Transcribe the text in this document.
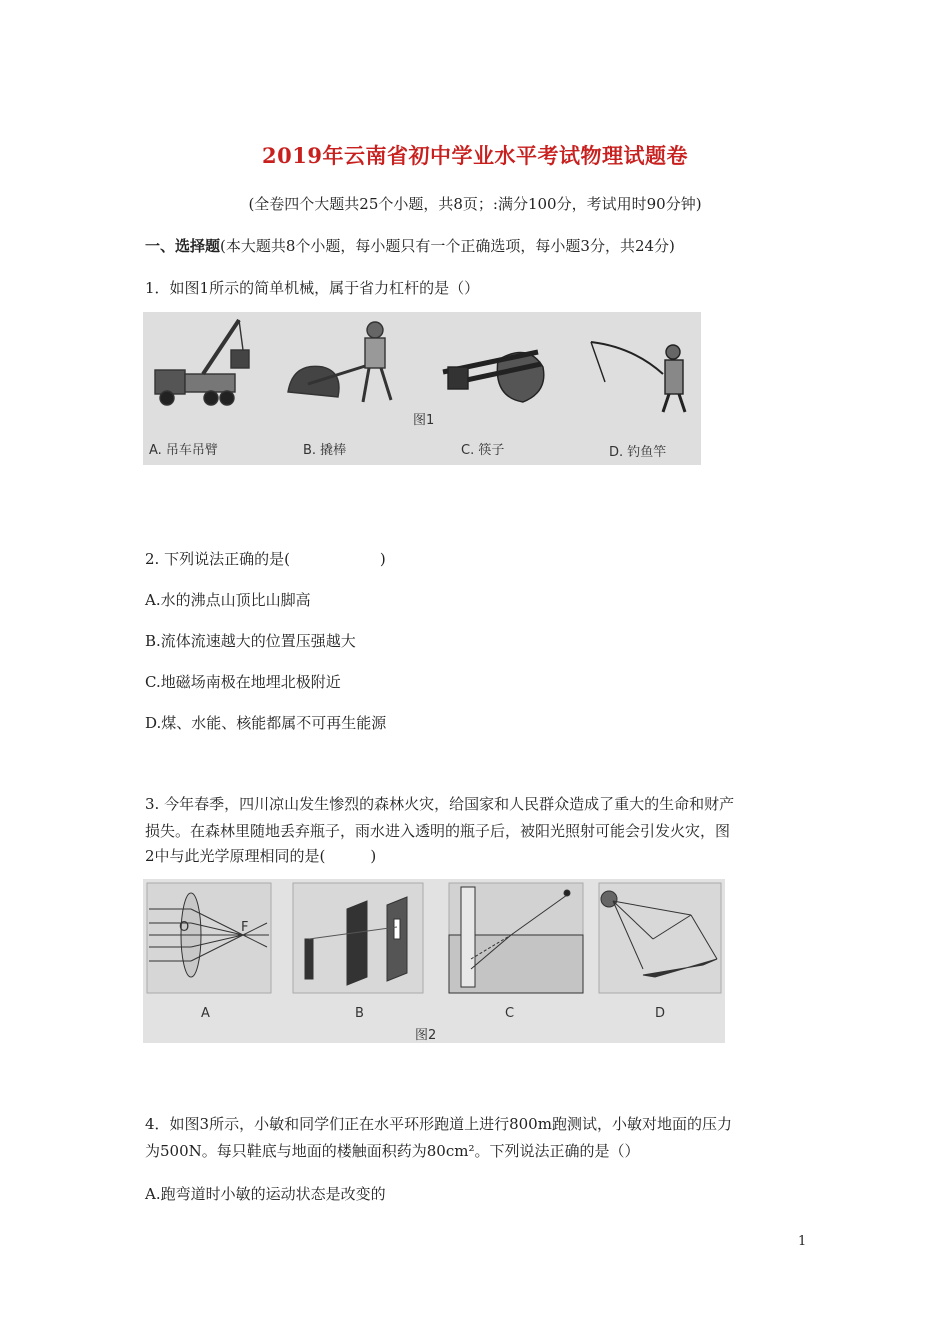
2019年云南省初中学业水平考试物理试题卷
(全卷四个大题共25个小题，共8页；:满分100分，考试用时90分钟)
一、选择题(本大题共8个小题，每小题只有一个正确选项，每小题3分，共24分)
1．如图1所示的简单机械，属于省力杠杆的是（）
图1
A. 吊车吊臂	B. 撬棒	C. 筷子	D. 钓鱼竿
2. 下列说法正确的是(　　　　　　)
A.水的沸点山顶比山脚高
B.流体流速越大的位置压强越大
C.地磁场南极在地埋北极附近
D.煤、水能、核能都属不可再生能源
3. 今年春季，四川凉山发生惨烈的森林火灾，给国家和人民群众造成了重大的生命和财产
损失。在森林里随地丢弃瓶子，雨水进入透明的瓶子后，被阳光照射可能会引发火灾，图
2中与此光学原理相同的是(　　　)
O	F
A	B	C	D
图2
4．如图3所示，小敏和同学们正在水平环形跑道上进行800m跑测试，小敏对地面的压力
为500N。每只鞋底与地面的楼触面积药为80cm²。下列说法正确的是（）
A.跑弯道时小敏的运动状态是改变的
1
